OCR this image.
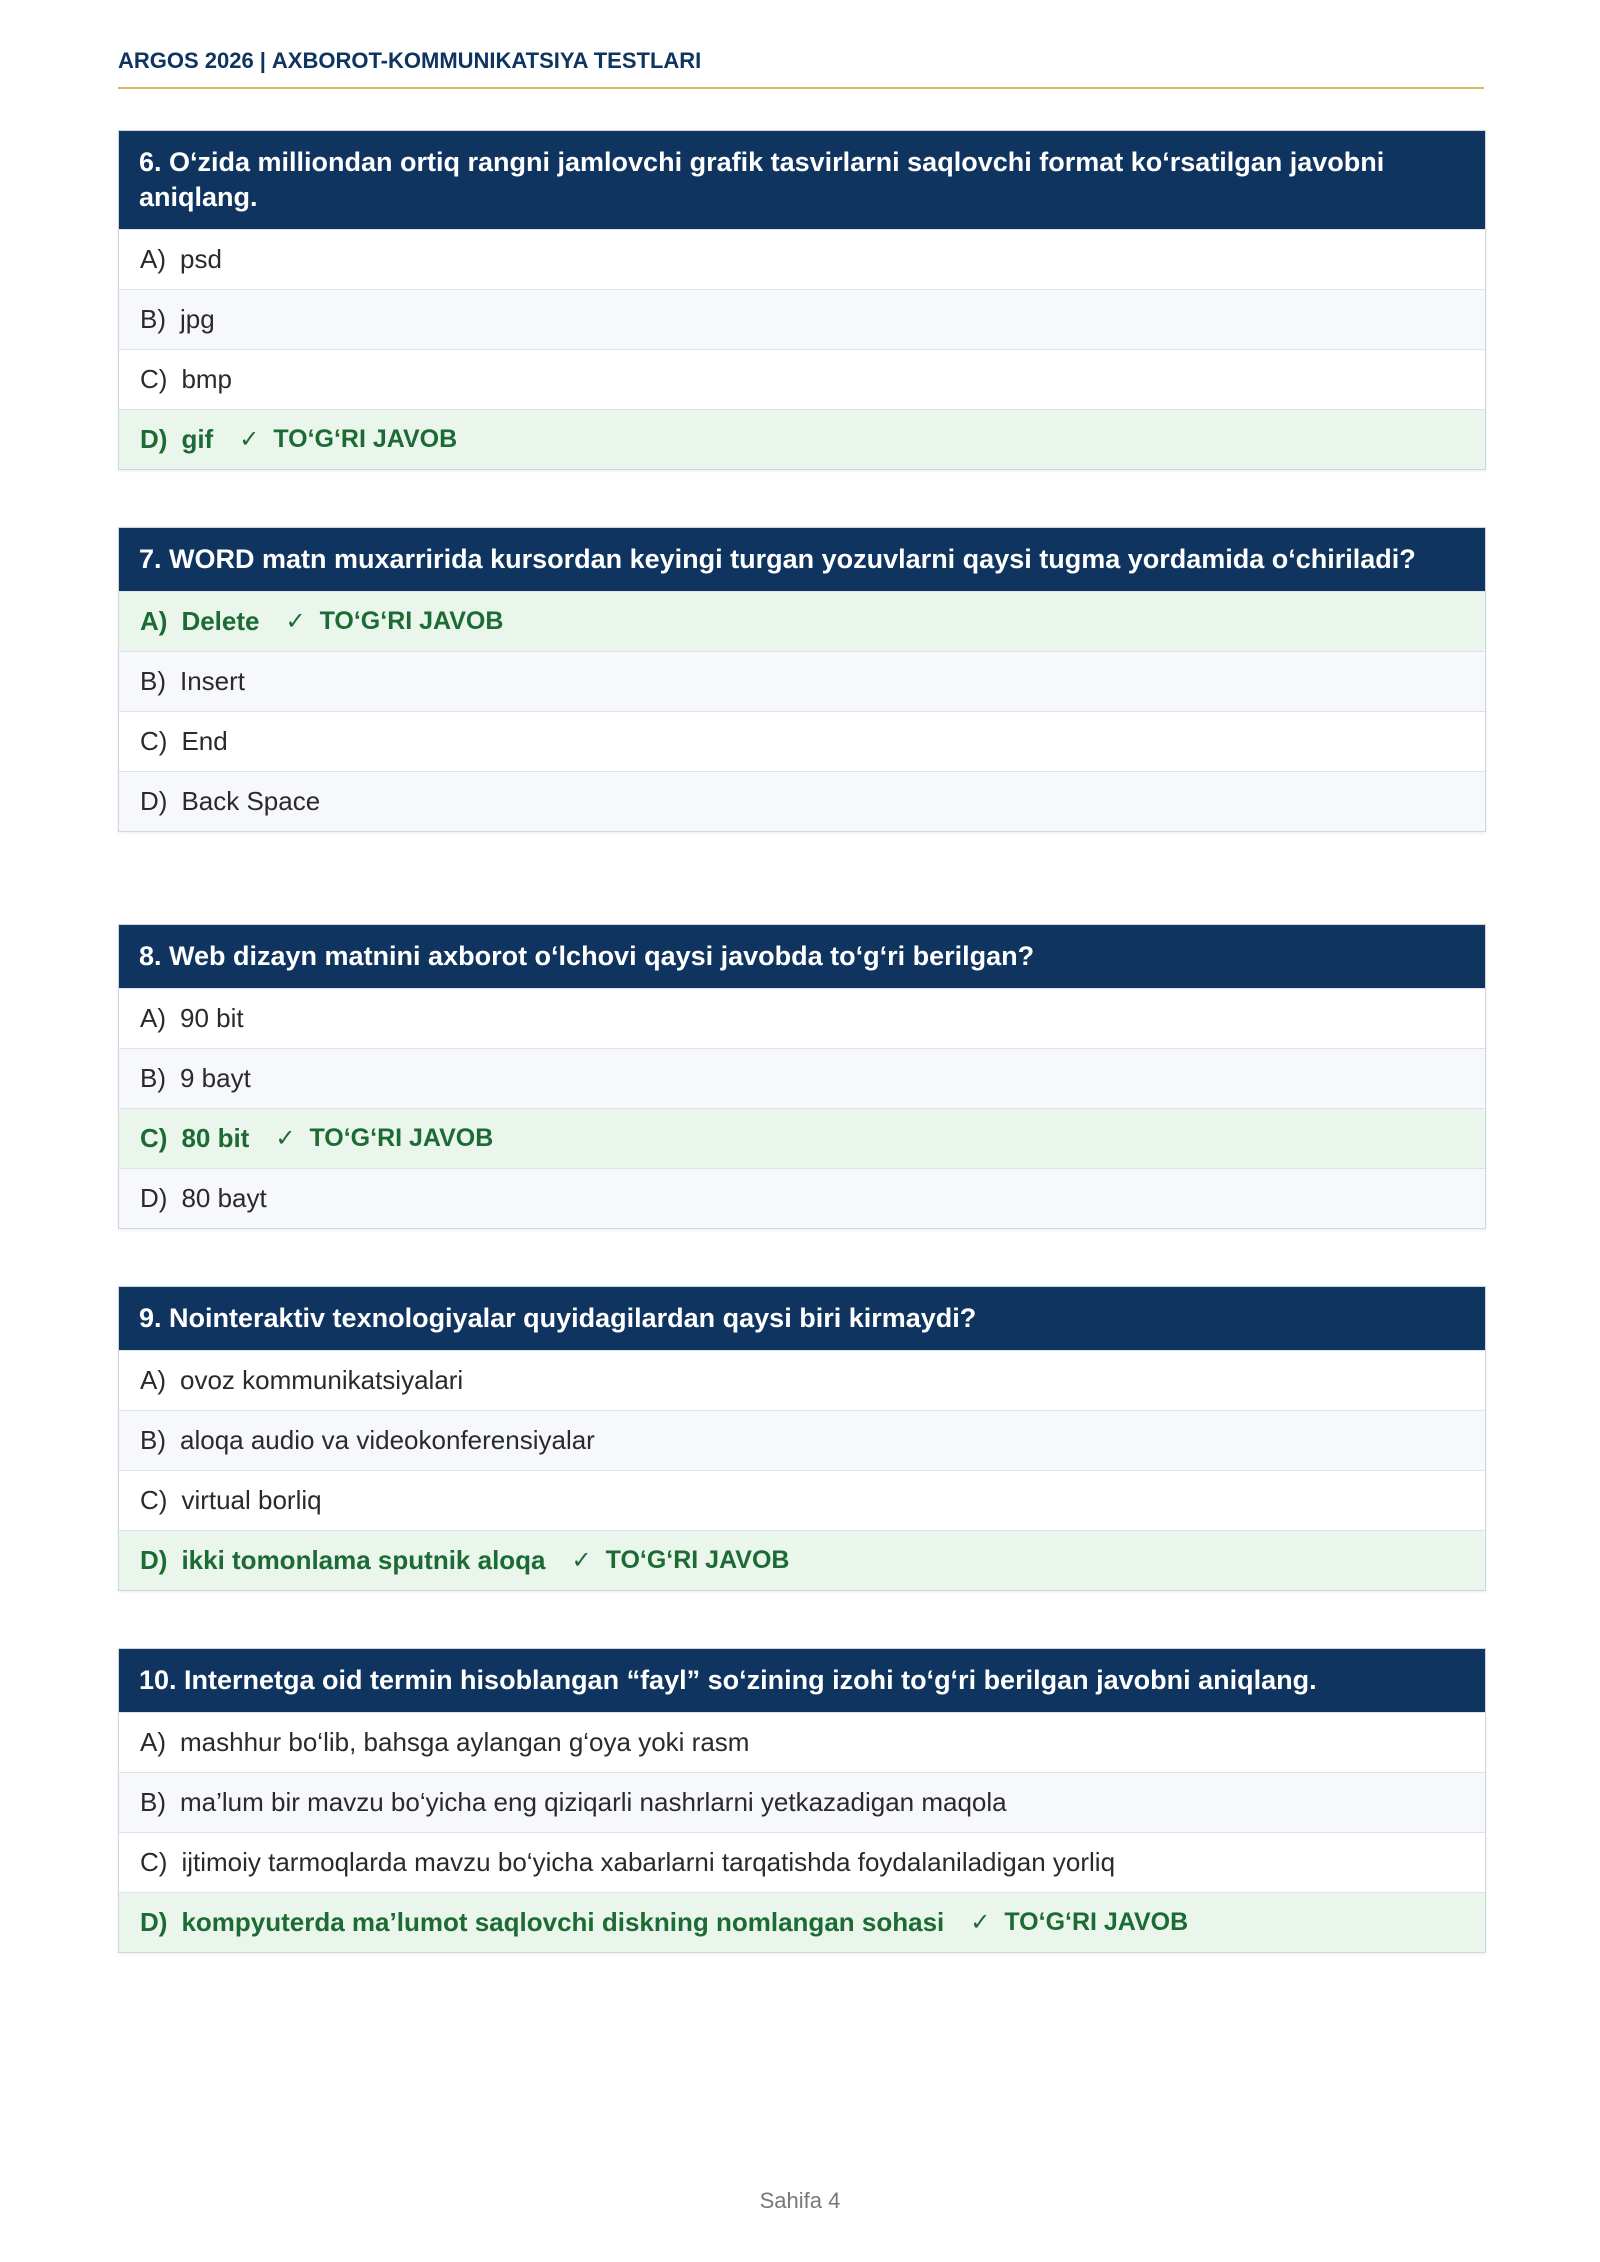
ARGOS 2026 | AXBOROT-KOMMUNIKATSIYA TESTLARI
6. O‘zida milliondan ortiq rangni jamlovchi grafik tasvirlarni saqlovchi format ko‘rsatilgan javobni aniqlang.
A) psd
B) jpg
C) bmp
D) gif ✓ TO‘G‘RI JAVOB
7. WORD matn muxarririda kursordan keyingi turgan yozuvlarni qaysi tugma yordamida o‘chiriladi?
A) Delete ✓ TO‘G‘RI JAVOB
B) Insert
C) End
D) Back Space
8. Web dizayn matnini axborot o‘lchovi qaysi javobda to‘g‘ri berilgan?
A) 90 bit
B) 9 bayt
C) 80 bit ✓ TO‘G‘RI JAVOB
D) 80 bayt
9. Nointeraktiv texnologiyalar quyidagilardan qaysi biri kirmaydi?
A) ovoz kommunikatsiyalari
B) aloqa audio va videokonferensiyalar
C) virtual borliq
D) ikki tomonlama sputnik aloqa ✓ TO‘G‘RI JAVOB
10. Internetga oid termin hisoblangan “fayl” so‘zining izohi to‘g‘ri berilgan javobni aniqlang.
A) mashhur bo‘lib, bahsga aylangan g‘oya yoki rasm
B) ma’lum bir mavzu bo‘yicha eng qiziqarli nashrlarni yetkazadigan maqola
C) ijtimoiy tarmoqlarda mavzu bo‘yicha xabarlarni tarqatishda foydalaniladigan yorliq
D) kompyuterda ma’lumot saqlovchi diskning nomlangan sohasi ✓ TO‘G‘RI JAVOB
Sahifa 4
